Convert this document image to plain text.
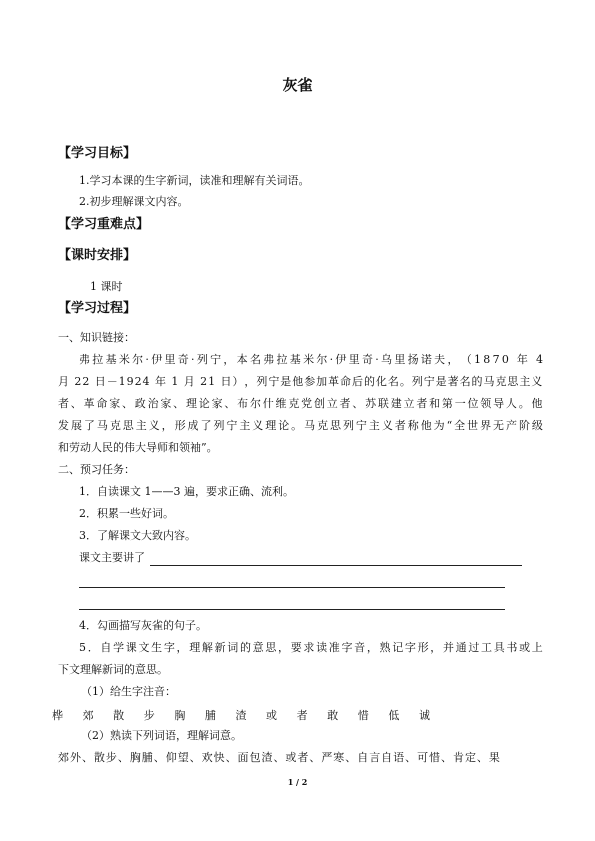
灰雀
【学习目标】
1.学习本课的生字新词，读准和理解有关词语。
2.初步理解课文内容。
【学习重难点】
【课时安排】
1 课时
【学习过程】
一、知识链接：
弗 拉 基 米 尔 · 伊 里 奇 · 列 宁 ， 本 名 弗 拉 基 米 尔 · 伊 里 奇 · 乌 里 扬 诺 夫 ， （ 1 8 7 0
年
4
月
2 2
日 － 1 9 2 4
年
1
月
2 1
日 ） ， 列 宁 是 他 参 加 革 命 后 的 化 名 。 列 宁 是 著 名 的 马 克 思 主 义
者 、 革 命 家 、 政 治 家 、 理 论 家 、 布 尔 什 维 克 党 创 立 者 、 苏 联 建 立 者 和 第 一 位 领 导 人 。 他
发 展 了 马 克 思 主 义 ， 形 成 了 列 宁 主 义 理 论 。 马 克 思 列 宁 主 义 者 称 他 为 “ 全 世 界 无 产 阶 级
和劳动人民的伟大导师和领袖”。
二、预习任务：
1．自读课文 1——3 遍，要求正确、流利。
2．积累一些好词。
3．了解课文大致内容。
课文主要讲了
4．勾画描写灰雀的句子。
5 ． 自 学 课 文 生 字 ， 理 解 新 词 的 意 思 ， 要 求 读 准 字 音 ， 熟 记 字 形 ， 并 通 过 工 具 书 或 上
下文理解新词的意思。
（1）给生字注音：
桦 郊 散 步 胸 脯 渣 或 者 敢 惜 低 诚
（2）熟读下列词语，理解词意。
郊 外 、 散 步 、 胸 脯 、 仰 望 、 欢 快 、 面 包 渣 、 或 者 、 严 寒 、 自 言 自 语 、 可 惜 、 肯 定 、 果
1 / 2
